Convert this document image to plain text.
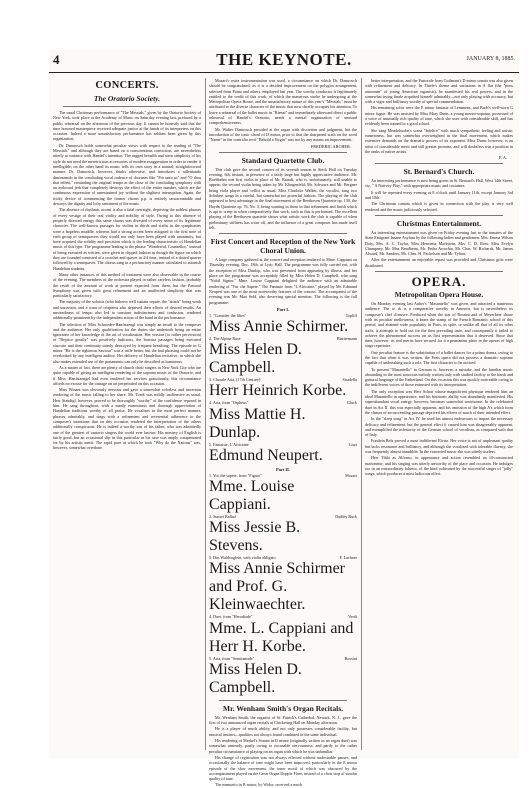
4	THE KEYNOTE.	JANUARY 8, 1885.
CONCERTS.
The Oratorio Society.

The usual Christmas performance of "The Messiah," given by the Oratorio Society of New York, took place at the Academy of Music on Saturday evening last, prefaced by a public rehearsal on the afternoon of the previous day. It cannot be honestly said that the time honored masterpiece received adequate justice at the hands of its interpreters on this occasion. Indeed a more unsatisfactory performance has seldom been given by this organization.

Dr. Damrosch holds somewhat peculiar views with respect to the reading of "The Messiah," and although they are based on a conscientious conviction, are nevertheless utterly at variance with Handel's intention. The ragged breadth and stern simplicity of his style do not need the meretricious accessories of modern exaggeration in order to render it intelligible; on the other hand its music tells its own story in a natural, straightforward manner. Dr. Damrosch, however, thinks otherwise, and introduces a rallentando diminuendo in the concluding vocal cadence of choruses like "For unto us" and "O thou that tellest," reminding the original tempo at the close of the concluding symphony with an awkward jerk that completely destroys the effect of the entire number, which are the continuous expression of unrestrained joy without the slightest interruption. Again, the tricky device of commencing the former chorus p.p. is entirely unwarrantable and destroys the dignity and lofty sentiment of the music.

The absence of rhythmic accent is also a fatal oversight, depriving the noblest phrases of every vestige of their real virility and nobility of style. Owing to this absence of properly directed energy this same chorus was divested of every sense of its legitimate character. The well-known passages for violins in thirds and sixths in the symphonies were a hopeless muddle, whereas had a strong accent been assigned to the first note of each group of semiquavers they would not only have been played with unanimity, but have acquired the solidity and precision which is the leading characteristic of Handelian music of this type. The programme leading to the phrase "Wonderful, Counsellor," instead of being executed as written, were given in clipped fashion as though the figure on which they are founded consisted of a crotchet and quaver in 4/4 time, instead of a dotted quaver followed by a semiquaver. The chorus sang in a perfunctory manner calculated to astonish Handelian students.

Many other instances of this method of treatment were also observable in the course of the evening. The members of the orchestra played in rather careless fashion, probably the result of the amount of work at present expected from them, but the Pastoral Symphony was given with great refinement and an unaffected simplicity that was particularly satisfactory.

The majority of the soloists (who hitherto well sustain repute, the "attack" being weak and uncertain, and a want of crispness also deprived their efforts of desired results. An unsteadiness of tempo also led to constant indistinctness and confusion, rendered additionally prominent by the independent action of the band in the performance.

The selection of Miss Schroeder-Hanfstaengl was simply an insult to the composer and the audience. Her only qualification for the duties she undertook being an entire ignorance of her knowledge of the art of vocalization. Her version (or rather perversion) of "Rejoice greatly" was positively ludicrous, the bravura passages being executed staccato and their continuity utterly destroyed by frequent breathing. The episode in G minor "He is the righteous Saviour" was a trifle better, but the bad phrasing could not be overlooked by any intelligent auditor. Her delivery of Handelian recitative, in which she also makes extended use of the portamento can only be described as humorous.

As a matter of fact, there are plenty of church choir singers in New York City who are quite capable of giving an intelligent rendering of the soprano music of the Oratorio, and if Miss. Hanfstaengel had even rendered her services gratuitously, this circumstance affords no excuse for the outrage on art perpetrated on this occasion.

Miss Winant was obviously nervous and gave a somewhat colorless and uncertain rendering of the music falling to her share. Mr. Toedt was mildly inoffensive as usual. Herr Staudigl, however, proved to be thoroughly "worthy" of the confidence reposed in him. He sang throughout, with a manly earnestness and thorough appreciation of Handelian traditions worthy of all praise. He vocalizes in the most perfect manner, phrases admirably, and sings with a refinement and reverential adherence to the composer's intentions that on this occasion rendered the interpretation of the others additionally conspicuous. He is indeed a worthy son of his father, who was admittedly one of the greatest of oratorio singers the world ever known. His mastery of English is fairly good, but an occasional slip in this particular in his case was amply compensated for by his artistic merit. The rapid pace at which he took "Why do the Nations" was, however, somewhat overdone.

Mozart's extra instrumentation was used, a circumstance on which Dr. Damrosch should be congratulated, as it is a decided improvement on the polyglot arrangement, selected from Franz and others, employed last year. The worthy conductor is legitimately entitled to the credit of this work, of which the numerous stroke he undergoing at the Metropolitan Opera House, and the unsatisfactory nature of this year's "Messiah," must be attributed to the diverse character of the music that now chiefly occupies his attention. To leave a rehearsal of the ballet music in "Rienzi" and immediately afterward direct a public rehearsal of Handel's Oratorio, needs a mental organization of unusual comprehensiveness.

Mr. Walter Damrosch presided at the organ with discretion and judgment, but the introduction of the tonic chord of D minor, prior to that the sharpened sixth on the word "Name" in the contralto recit "Behold a Virgin" was not by any means an improvement.

FREDERIC ARCHER.

Standard Quartette Club.

This club gave the second concert of its seventh season in Steck Hall on Tuesday evening, 6th, instant, in presence of a fairly large but highly appreciative audience. Mr. Boebbelen was first violin in place of Mr. Brandt, who is, unfortunately, still unable to appear; the second violin being taken by Mr. Klingenfeld; Mr. Schwarz and Mr. Bergner being viola player and 'cellist as usual. Miss Charlotte Walker, the vocalist, sang two Schubert songs in a careful, but somewhat too powerful fashion. The playing of the club appeared to best advantage in the final movement of the Beethoven Quartette op. 130, the Haydn Quartette op. 76, No. 3, being wanting in those in that refinement and finish which is apt to creep in when comparatively thin work, such as this is performed. The excellent playing of the Beethoven quartette shows what artistic work the club is capable of when preliminary stiffness has worn off, and the influence of a great composer has made itself felt.

First Concert and Reception of the New York Choral Union.

A large company gathered at the concert and reception tendered to Mme. Cappiani on Thursday evening, Dec. 18th, at Lyric Hall. The programme was fully carried out, with the exception of Miss Dunlop, who was prevented from appearing by illness, and her place on the programme was acceptably filled by Miss Helen D. Campbell, who sang "Nobil Signor." Mme. Louise Cappiani delighted the audience with an admirable rendering of "Vui che Sapete." The Fantasie from "L'Africaine," played by Mr. Edmund Neupert was one of the most noteworthy features of the concert. The accompanist of the evening was Mr. Max Seld, also deserving special mention. The following is the full programme:

Part I.
1. "Consider the lilies"	Topliff
Miss Annie Schirmer.
2. The Alpine Rose	Blattermann
Miss Helen D. Campbell.
3. Chorale Aria, (17th Century)	Stradella
Herr Heinrich Korbe.
4. Aria, from "Orpheus"	Gluck
Miss Mattie H. Dunlap.
5. Fantaisie, L'Africaine	Liszt
Edmund Neupert.
Part II.
1. Voi che sapete, from "Figaro"	Mozart
Mme. Louise Cappiani.
2. Sunset Ballad	Dudley Buck
Miss Jessie B. Stevens.
3. Das Waldvoglein, with violin obligato	F. Lachner
Miss Annie Schirmer and Prof. G. Kleinwaechter.
4. Duet, from "Herodiade"	Verdi
Mme. L. Cappiani and Herr H. Korbe.
5. Aria, from "Semiramide"	Rossini
Miss Helen D. Campbell.
Mr. Wenham Smith's Organ Recitals.

Mr. Wenham Smith, the organist of St. Patrick's Cathedral, Newark, N. J., gave the first of two announced organ recitals at Chickering Hall on Monday afternoon.

He is a player of much ability, and not only possesses considerable facility, but musical instinct—qualities not always found combined in the same individual.

His rendering of Merkel's Sonata in D minor (originally written as an organ duet) was somewhat unsteady, partly owing to excusable nervousness, and partly to the rather peculiar circumstance of playing on an organ with which he was unfamiliar.

His change of registration was not always effected without undesirable pauses, and occasionally the balance of tone might have been improved, particularly in the E minor episode of the slow movement, the tenor motif of which was obscured by the accompaniment played on the Great Organ Dopple Flute, instead of a choir stop of similar quality of tone.

The menuetto in B minor, by Widor, received a much

better interpretation, and the Pastorale from Guilmant's D minor sonata was also given with refinement and delicacy. In Thiele's theme and variations in A flat (the "pons asinorum" of young American organists), he manifested his real powers, and in the somewhat trying finale acquitted himself admirably—not only playing with accuracy, but with a vigor and brilliancy worthy of special commendation.

His remaining solos were the E minor fantasia of Lemmens, and Bach's well-worn G minor fugue. He was assisted by Miss Mary Dunn, a young mezzo-soprano, possessed of a voice of unusually rich quality of tone, which she uses with considerable skill, and has evidently been trained in a good school.

She sang Mendelssohn's scena "Infelice" with much sympathetic feeling and artistic earnestness, but was somewhat overweighted in the final movement, which makes extensive demands on the dramatic powers of its exponent. Miss Dunn, however, is an artist of considerable merit and still greater promise, and will doubtless win a position in the ranks of native artists.

F. A.

St. Bernard's Church.

An interesting performance is now being given in St. Bernard's Hall, West 14th Street, viz, " A Nativity Play," with appropriate music and costumes.

It will be repeated every evening at 8 o'clock until January 11th, except January 3rd and 10th.

The Christmas cantata which is given in connection with the play is very well rendered and the music judiciously selected.

Christmas Entertainment.

An interesting entertainment was given on Friday evening last to the inmates of the State Emigrant Insane Asylum by the following ladies and gentlemen: Mrs. Emma Wilson Doty, Mrs. A. C. Taylor, Miss Henrietta Markstein, Mrs. C. D. Ross, Miss Evelyn Champney, Mr. Max Bendheim, Mr. Pedro Arrochia, Mr. Chas. W. Richards, Mr. James Alward, Mr. Sanders, Mr. Chas. H. Pachelson and Mr. Tylton.

After the entertainment an enjoyable repast was provided and Christmas gifts were distributed.

OPERA.
Metropolitan Opera House.

On Monday evening last Auber's "Masaniello" was given, and attracted a numerous audience. The w. rk is a comparative novelty in America, but is nevertheless its composer's chef d'oeuvre. Produced when the star of Rossini and of Meyerbeer shone with its peculiar mellowness, it bears the stamp of the French Romantic school of this period, and attained wide popularity in Paris, in spite, or unlike all that of all its other traits, it attempts to hold out for the then prevailing taste, and consequently it failed to achieve the phenomenal success on its first representation that it deserved. Since that time, however, its real merits have secured for it a permanent place in the operas of high stage repertoire.

One peculiar feature is the substitution of a ballet dancer for a prima donna, owing to the fact that when it was written, the Paris opera did not possess a dramatic soprano capable of undertaking such a role. The first character to be noticed.

To present "Masaniello" in German is, however, a mistake, and the familiar music abounding in the most sonorous melody written only with studied facility to the harsh and guttural language of the Fatherland. On this occasion this was quickly noticeable owing to the indifferent voices of those entrusted with its interpretation.

The only exception was Herr Schott whose magnificent physique rendered him an ideal Masaniello in appearance, and his histrionic ability was abundantly manifested. His superabundant vocal energy, however, becomes somewhat wearisome. In the celebrated duet in Act II. this was especially apparent, and his omission of the high A's which form the climax of an succeeding passage deprived his efforts of much of their intended effect.

In the "sleep song" in Act IV. he used his utmost endeavours to impart the necessary delicacy and refinement, but the general effect it caused him was disagreeably apparent, and exemplified the inferiority of the German school of vocalism, as compared with that of Italy.

Fraulein Belz proved a most indifferent Elvira. Her voice is not of unpleasant quality but lacks resonance and brilliancy, and although she vocalized with tolerable fluency, she was frequently almost inaudible. In the concerted music she was utterly useless.

Herr Tibbi as Alfonso, in appearance and action resembled an ill-constructed marionette, and his singing was utterly unworthy of the place and occasion. He indulges too in an extraordinary falsetto, of the kind cultivated by the successful singer of "jolly" songs, which produces a most ludicrous effect.
